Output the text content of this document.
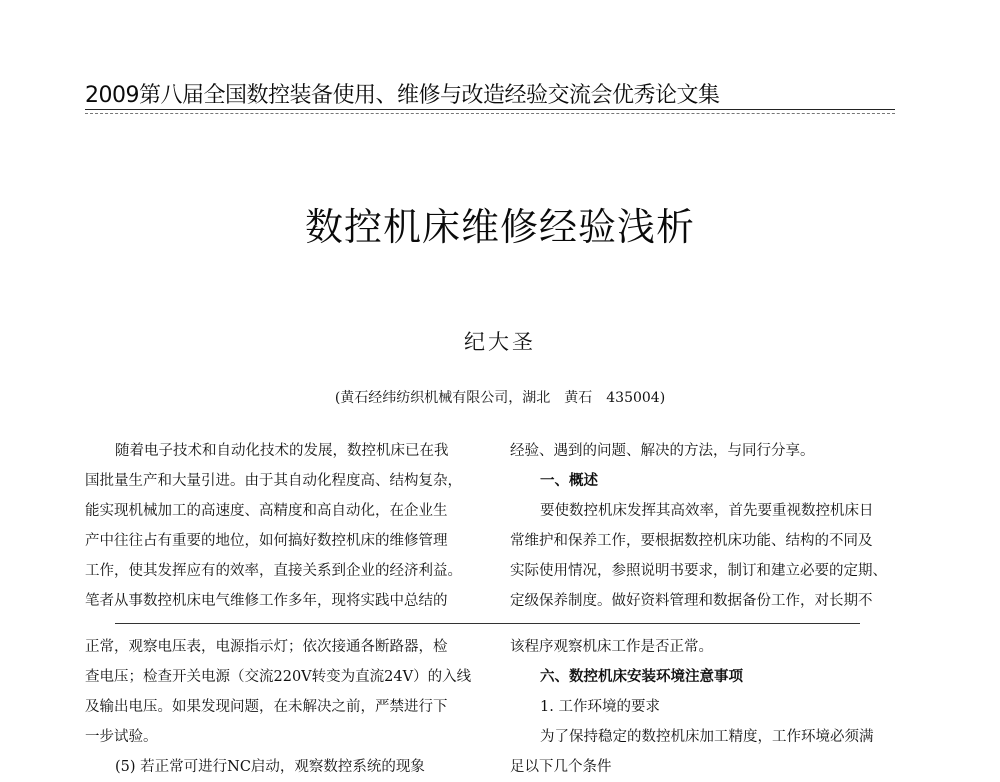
2009第八届全国数控装备使用、维修与改造经验交流会优秀论文集
数控机床维修经验浅析
纪大圣
(黄石经纬纺织机械有限公司，湖北　黄石　435004)
随着电子技术和自动化技术的发展，数控机床已在我
国批量生产和大量引进。由于其自动化程度高、结构复杂，
能实现机械加工的高速度、高精度和高自动化，在企业生
产中往往占有重要的地位，如何搞好数控机床的维修管理
工作，使其发挥应有的效率，直接关系到企业的经济利益。
笔者从事数控机床电气维修工作多年，现将实践中总结的
经验、遇到的问题、解决的方法，与同行分享。
一、概述
要使数控机床发挥其高效率，首先要重视数控机床日
常维护和保养工作，要根据数控机床功能、结构的不同及
实际使用情况，参照说明书要求，制订和建立必要的定期、
定级保养制度。做好资料管理和数据备份工作，对长期不
正常，观察电压表，电源指示灯；依次接通各断路器，检
查电压；检查开关电源（交流220V转变为直流24V）的入线
及输出电压。如果发现问题，在未解决之前，严禁进行下
一步试验。
(5) 若正常可进行NC启动，观察数控系统的现象
该程序观察机床工作是否正常。
六、数控机床安装环境注意事项
1. 工作环境的要求
为了保持稳定的数控机床加工精度，工作环境必须满
足以下几个条件
